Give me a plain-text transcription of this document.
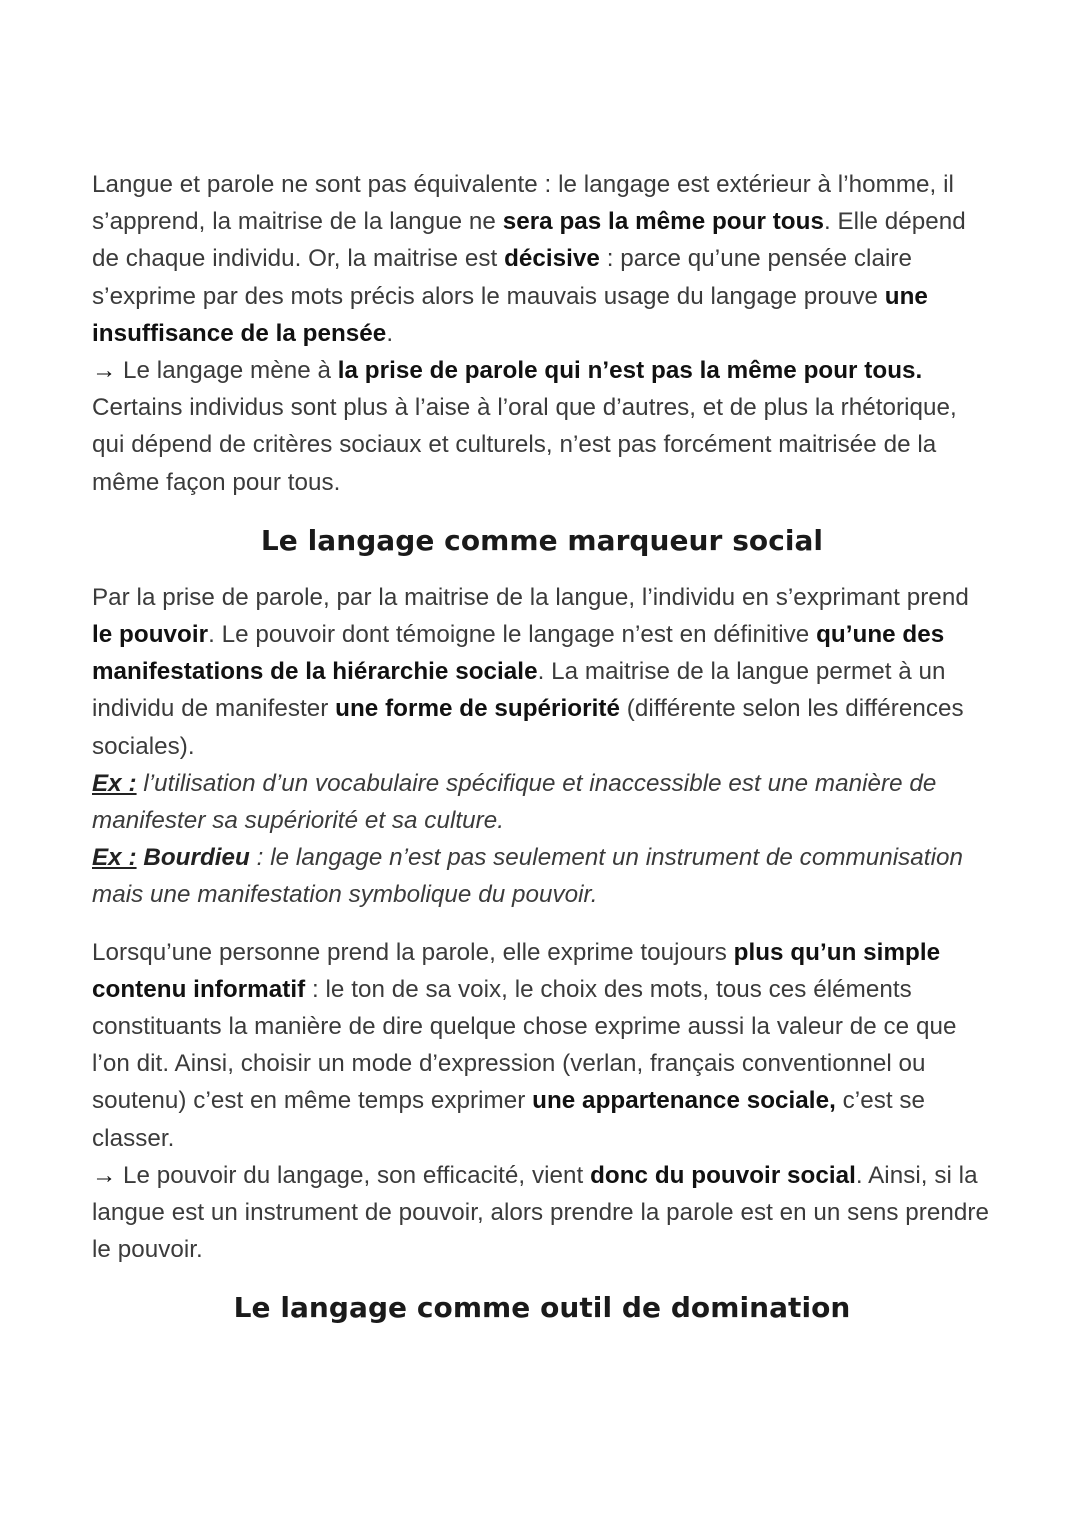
Langue et parole ne sont pas équivalente : le langage est extérieur à l’homme, il s’apprend, la maitrise de la langue ne sera pas la même pour tous. Elle dépend de chaque individu. Or, la maitrise est décisive : parce qu’une pensée claire s’exprime par des mots précis alors le mauvais usage du langage prouve une insuffisance de la pensée.
→ Le langage mène à la prise de parole qui n’est pas la même pour tous.
Certains individus sont plus à l’aise à l’oral que d’autres, et de plus la rhétorique, qui dépend de critères sociaux et culturels, n’est pas forcément maitrisée de la même façon pour tous.

Le langage comme marqueur social

Par la prise de parole, par la maitrise de la langue, l’individu en s’exprimant prend le pouvoir. Le pouvoir dont témoigne le langage n’est en définitive qu’une des manifestations de la hiérarchie sociale. La maitrise de la langue permet à un individu de manifester une forme de supériorité (différente selon les différences sociales).
Ex : l’utilisation d’un vocabulaire spécifique et inaccessible est une manière de manifester sa supériorité et sa culture.
Ex : Bourdieu : le langage n’est pas seulement un instrument de communisation mais une manifestation symbolique du pouvoir.

Lorsqu’une personne prend la parole, elle exprime toujours plus qu’un simple contenu informatif : le ton de sa voix, le choix des mots, tous ces éléments constituants la manière de dire quelque chose exprime aussi la valeur de ce que l’on dit. Ainsi, choisir un mode d’expression (verlan, français conventionnel ou soutenu) c’est en même temps exprimer une appartenance sociale, c’est se classer.
→ Le pouvoir du langage, son efficacité, vient donc du pouvoir social. Ainsi, si la langue est un instrument de pouvoir, alors prendre la parole est en un sens prendre le pouvoir.

Le langage comme outil de domination
